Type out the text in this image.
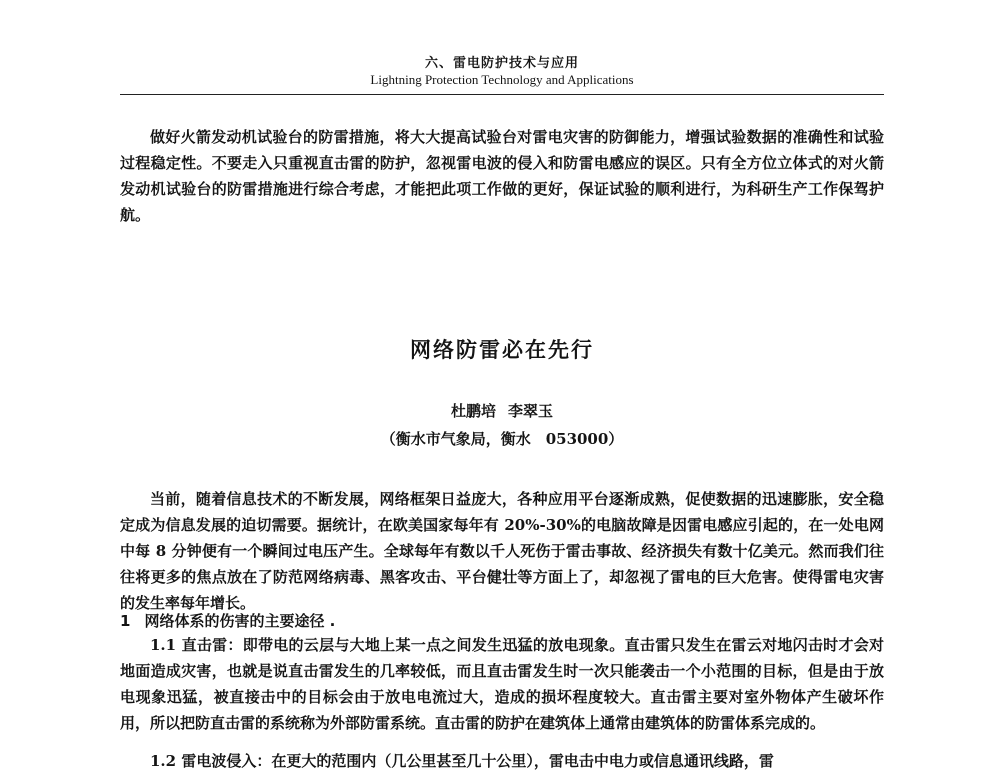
六、雷电防护技术与应用
Lightning Protection Technology and Applications

做好火箭发动机试验台的防雷措施，将大大提高试验台对雷电灾害的防御能力，增强试验数据的准确性和试验过程稳定性。不要走入只重视直击雷的防护，忽视雷电波的侵入和防雷电感应的误区。只有全方位立体式的对火箭发动机试验台的防雷措施进行综合考虑，才能把此项工作做的更好，保证试验的顺利进行，为科研生产工作保驾护航。

网络防雷必在先行
杜鹏培 李翠玉
（衡水市气象局，衡水　053000）

当前，随着信息技术的不断发展，网络框架日益庞大，各种应用平台逐渐成熟，促使数据的迅速膨胀，安全稳定成为信息发展的迫切需要。据统计，在欧美国家每年有 20%-30%的电脑故障是因雷电感应引起的，在一处电网中每 8 分钟便有一个瞬间过电压产生。全球每年有数以千人死伤于雷击事故、经济损失有数十亿美元。然而我们往往将更多的焦点放在了防范网络病毒、黑客攻击、平台健壮等方面上了，却忽视了雷电的巨大危害。使得雷电灾害的发生率每年增长。

1 网络体系的伤害的主要途径 .

1.1 直击雷：即带电的云层与大地上某一点之间发生迅猛的放电现象。直击雷只发生在雷云对地闪击时才会对地面造成灾害，也就是说直击雷发生的几率较低，而且直击雷发生时一次只能袭击一个小范围的目标，但是由于放电现象迅猛，被直接击中的目标会由于放电电流过大，造成的损坏程度较大。直击雷主要对室外物体产生破坏作用，所以把防直击雷的系统称为外部防雷系统。直击雷的防护在建筑体上通常由建筑体的防雷体系完成的。

1.2 雷电波侵入：在更大的范围内（几公里甚至几十公里），雷电击中电力或信息通讯线路，雷
